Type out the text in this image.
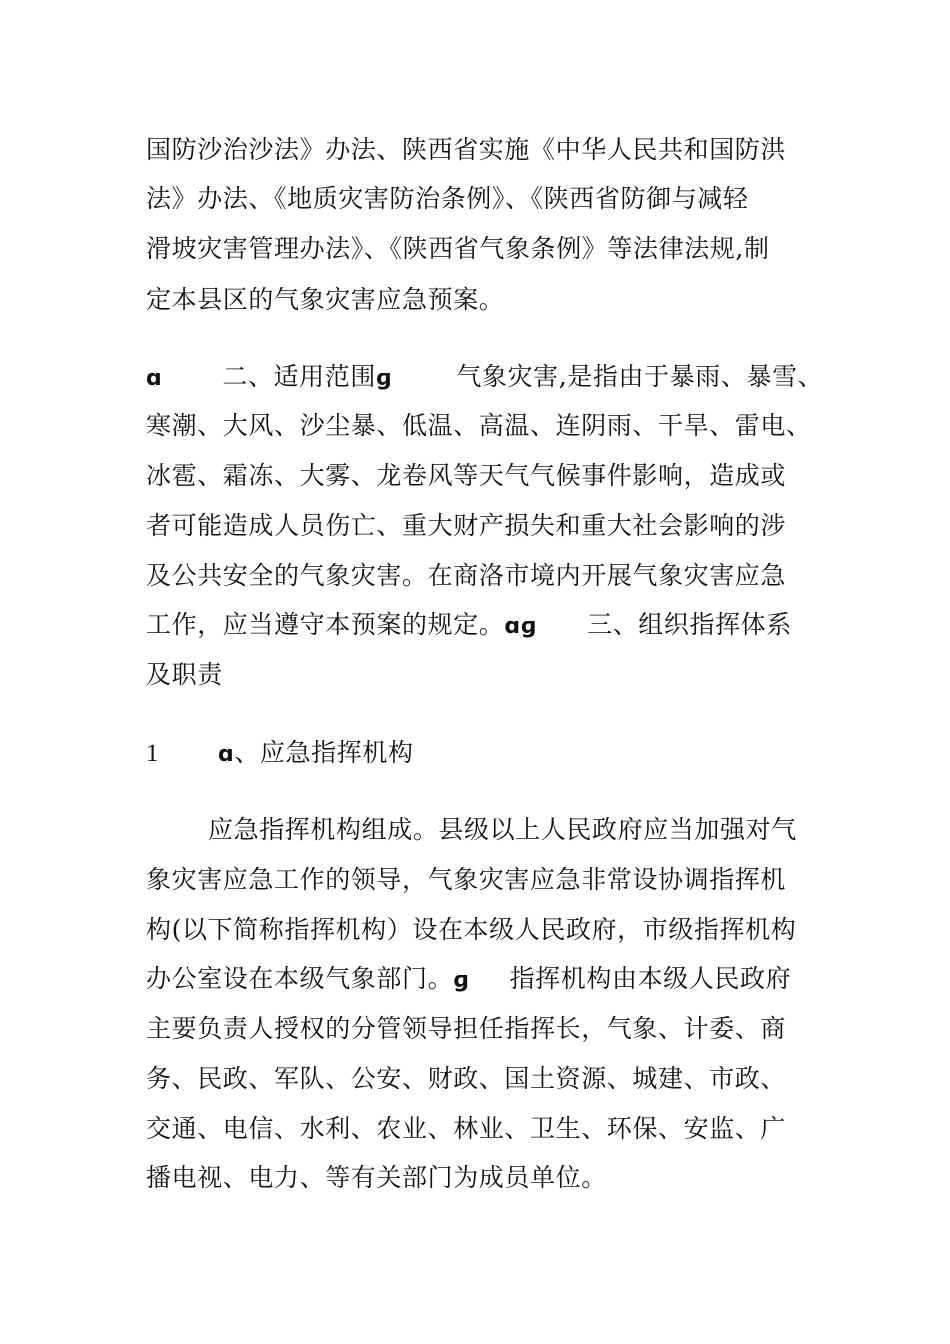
国防沙治沙法》办法、陕西省实施《中华人民共和国防洪
法》办法、《地质灾害防治条例》、《陕西省防御与减轻
滑坡灾害管理办法》、《陕西省气象条例》等法律法规,制
定本县区的气象灾害应急预案。
ɑ 二、适用范围ɡ	气象灾害,是指由于暴雨、暴雪、
寒潮、大风、沙尘暴、低温、高温、连阴雨、干旱、雷电、
冰雹、霜冻、大雾、龙卷风等天气气候事件影响，造成或
者可能造成人员伤亡、重大财产损失和重大社会影响的涉
及公共安全的气象灾害。在商洛市境内开展气象灾害应急
工作，应当遵守本预案的规定。ɑɡ 三、组织指挥体系
及职责
1	ɑ、应急指挥机构
应急指挥机构组成。县级以上人民政府应当加强对气
象灾害应急工作的领导，气象灾害应急非常设协调指挥机
构(以下简称指挥机构）设在本级人民政府，市级指挥机构
办公室设在本级气象部门。ɡ 指挥机构由本级人民政府
主要负责人授权的分管领导担任指挥长，气象、计委、商
务、民政、军队、公安、财政、国土资源、城建、市政、
交通、电信、水利、农业、林业、卫生、环保、安监、广
播电视、电力、等有关部门为成员单位。
